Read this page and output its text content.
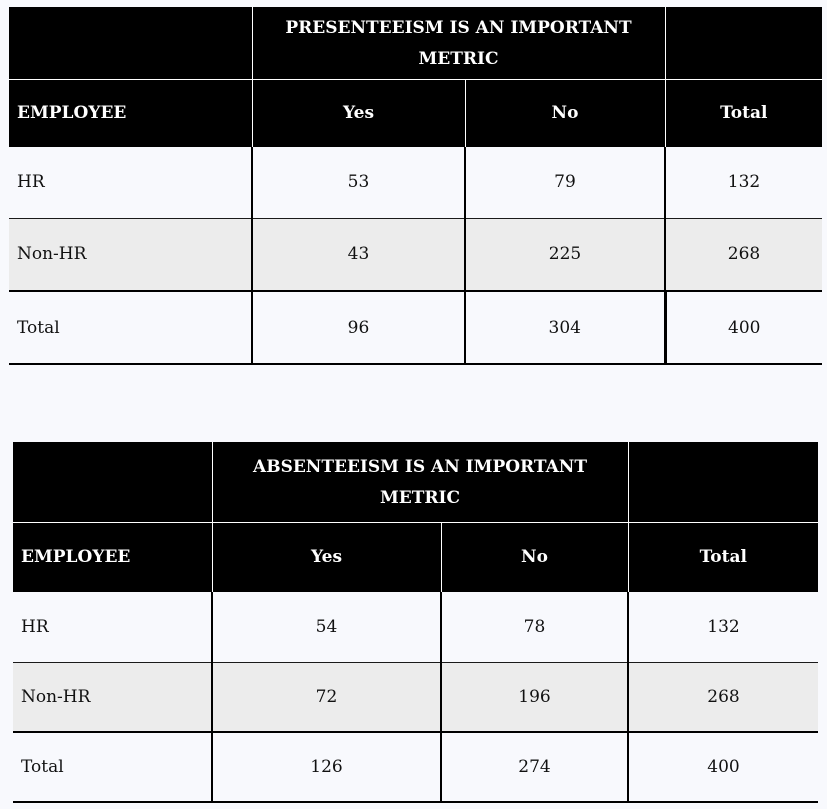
	PRESENTEEISM IS AN IMPORTANT METRIC		
EMPLOYEE	Yes	No	Total
HR	53	79	132
Non-HR	43	225	268
Total	96	304	400
	ABSENTEEISM IS AN IMPORTANT METRIC		
EMPLOYEE	Yes	No	Total
HR	54	78	132
Non-HR	72	196	268
Total	126	274	400
